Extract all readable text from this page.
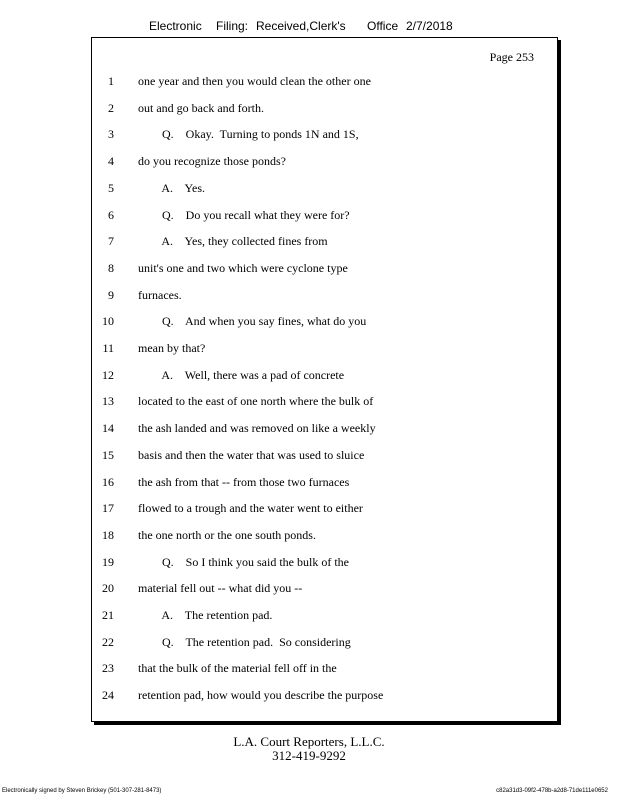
Electronic Filing: Received,Clerk's Office 2/7/2018
Page 253
1 one year and then you would clean the other one
2 out and go back and forth.
3 Q.    Okay.  Turning to ponds 1N and 1S,
4 do you recognize those ponds?
5 A.    Yes.
6 Q.    Do you recall what they were for?
7 A.    Yes, they collected fines from
8 unit's one and two which were cyclone type
9 furnaces.
10 Q.    And when you say fines, what do you
11 mean by that?
12 A.    Well, there was a pad of concrete
13 located to the east of one north where the bulk of
14 the ash landed and was removed on like a weekly
15 basis and then the water that was used to sluice
16 the ash from that -- from those two furnaces
17 flowed to a trough and the water went to either
18 the one north or the one south ponds.
19 Q.    So I think you said the bulk of the
20 material fell out -- what did you --
21 A.    The retention pad.
22 Q.    The retention pad.  So considering
23 that the bulk of the material fell off in the
24 retention pad, how would you describe the purpose
L.A. Court Reporters, L.L.C.
312-419-9292
Electronically signed by Steven Brickey (501-307-281-8473)	c82a31d3-09f2-478b-a2d8-71de111e0652
